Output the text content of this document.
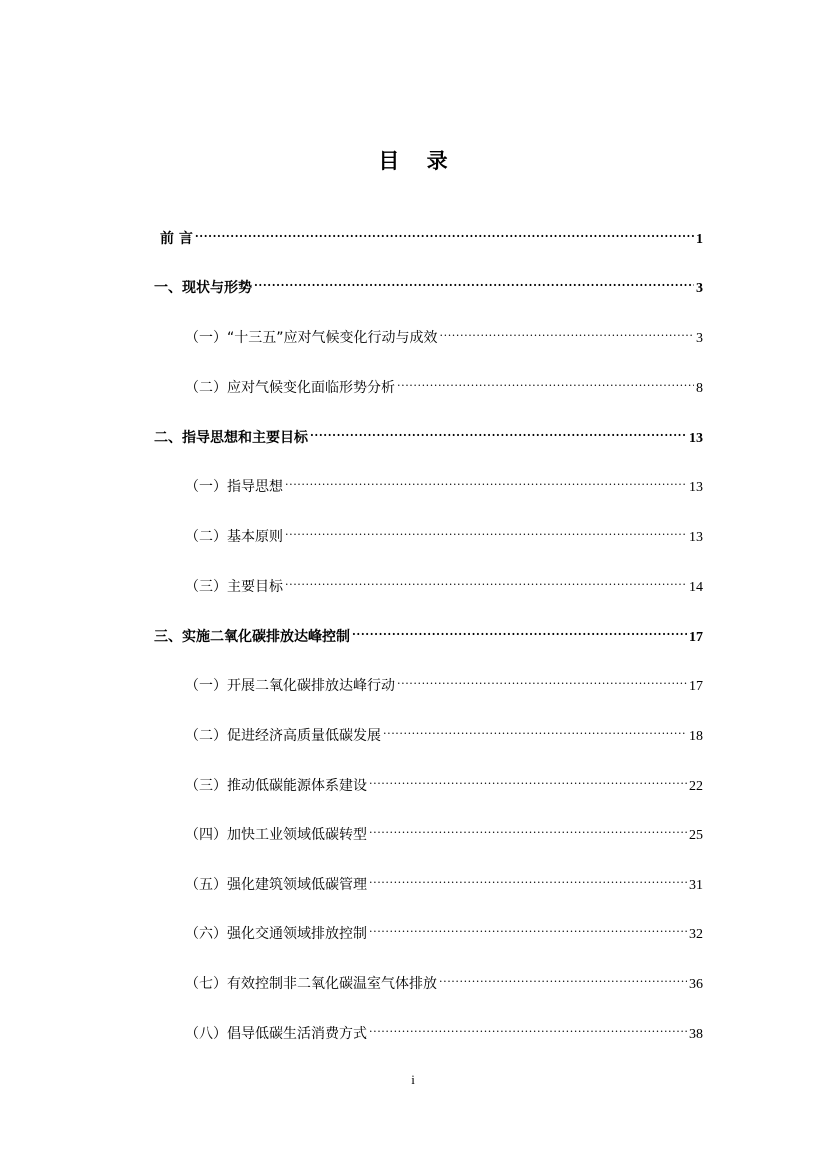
目 录
前 言 .....	1
一、现状与形势 .....	3
（一）“十三五”应对气候变化行动与成效 .....	3
（二）应对气候变化面临形势分析 .....	8
二、指导思想和主要目标 .....	13
（一）指导思想 .....	13
（二）基本原则 .....	13
（三）主要目标 .....	14
三、实施二氧化碳排放达峰控制 .....	17
（一）开展二氧化碳排放达峰行动 .....	17
（二）促进经济高质量低碳发展 .....	18
（三）推动低碳能源体系建设 .....	22
（四）加快工业领域低碳转型 .....	25
（五）强化建筑领域低碳管理 .....	31
（六）强化交通领域排放控制 .....	32
（七）有效控制非二氧化碳温室气体排放 .....	36
（八）倡导低碳生活消费方式 .....	38
i
